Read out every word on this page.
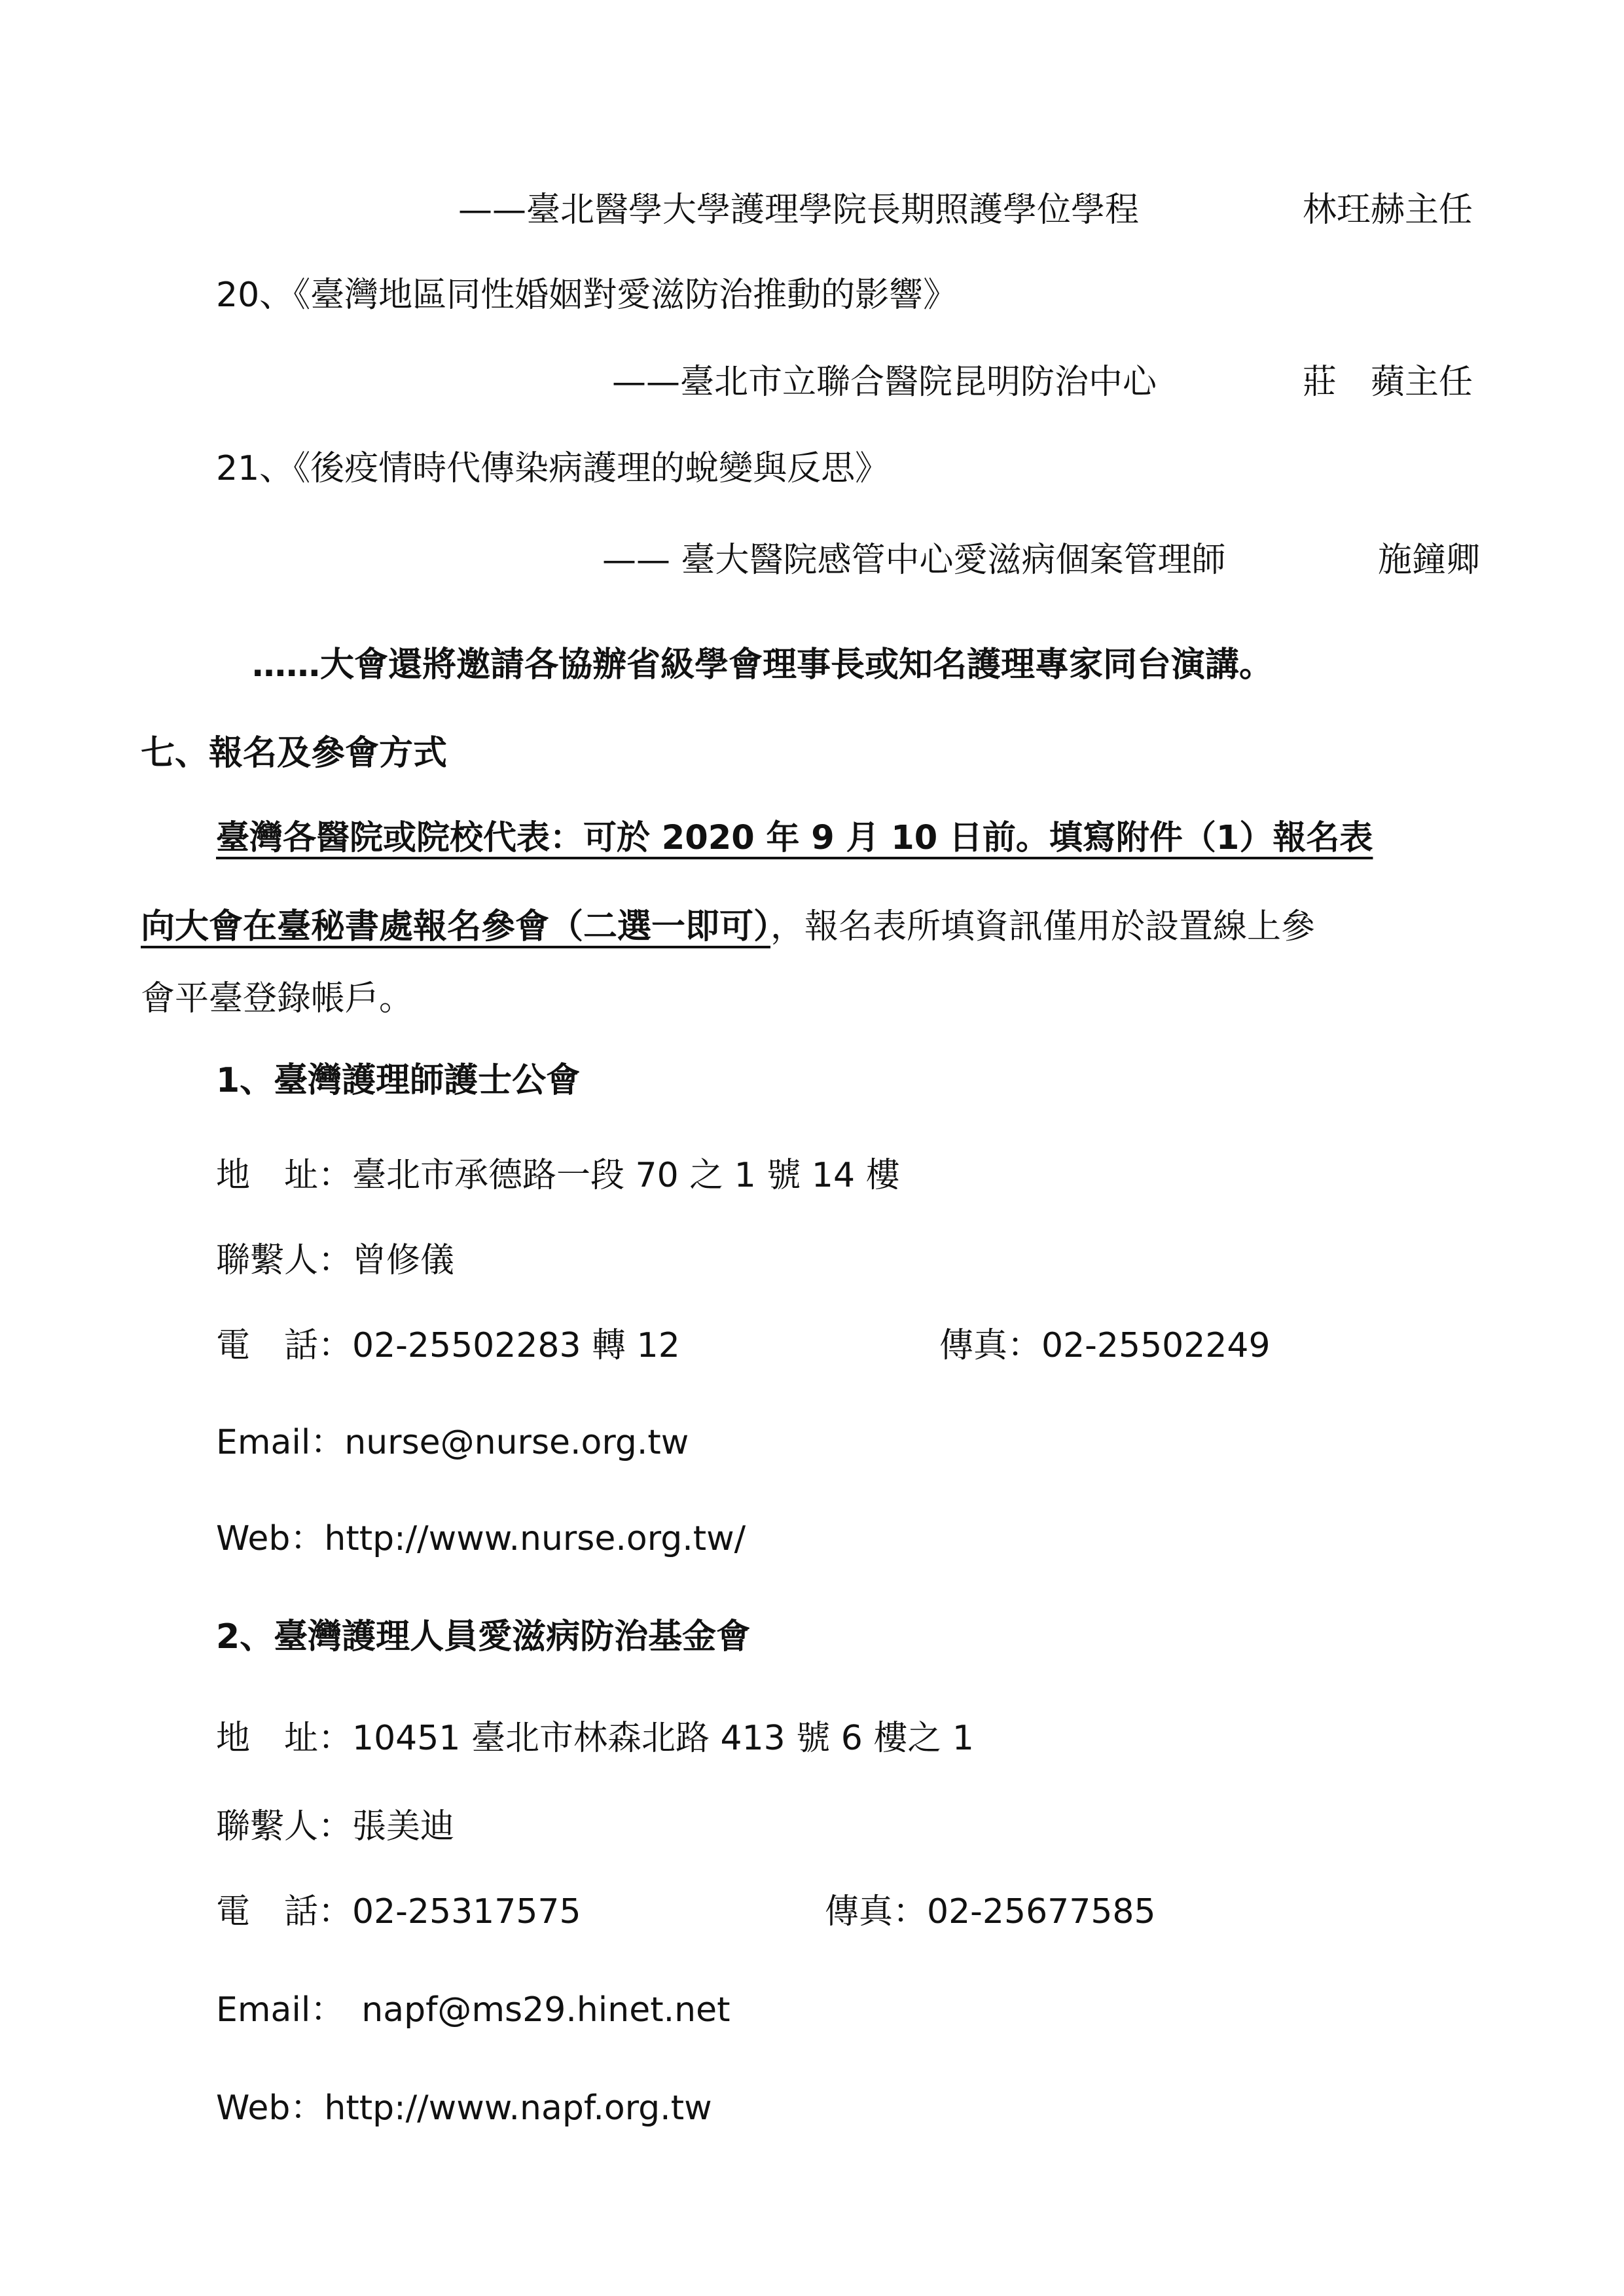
——臺北醫學大學護理學院長期照護學位學程	林玨赫主任
20、《臺灣地區同性婚姻對愛滋防治推動的影響》
——臺北市立聯合醫院昆明防治中心	莊　蘋主任
21、《後疫情時代傳染病護理的蛻變與反思》
—— 臺大醫院感管中心愛滋病個案管理師	施鐘卿
……大會還將邀請各協辦省級學會理事長或知名護理專家同台演講。
七、報名及參會方式
臺灣各醫院或院校代表：可於 2020 年 9 月 10 日前。填寫附件（1）報名表
向大會在臺秘書處報名參會（二選一即可），報名表所填資訊僅用於設置線上參
會平臺登錄帳戶。
1、臺灣護理師護士公會
地　址：臺北市承德路一段 70 之 1 號 14 樓
聯繫人：曾修儀
電　話：02-25502283 轉 12	傳真：02-25502249
Email：nurse@nurse.org.tw
Web：http://www.nurse.org.tw/
2、臺灣護理人員愛滋病防治基金會
地　址：10451 臺北市林森北路 413 號 6 樓之 1
聯繫人：張美迪
電　話：02-25317575	傳真：02-25677585
Email：　napf@ms29.hinet.net
Web：http://www.napf.org.tw
